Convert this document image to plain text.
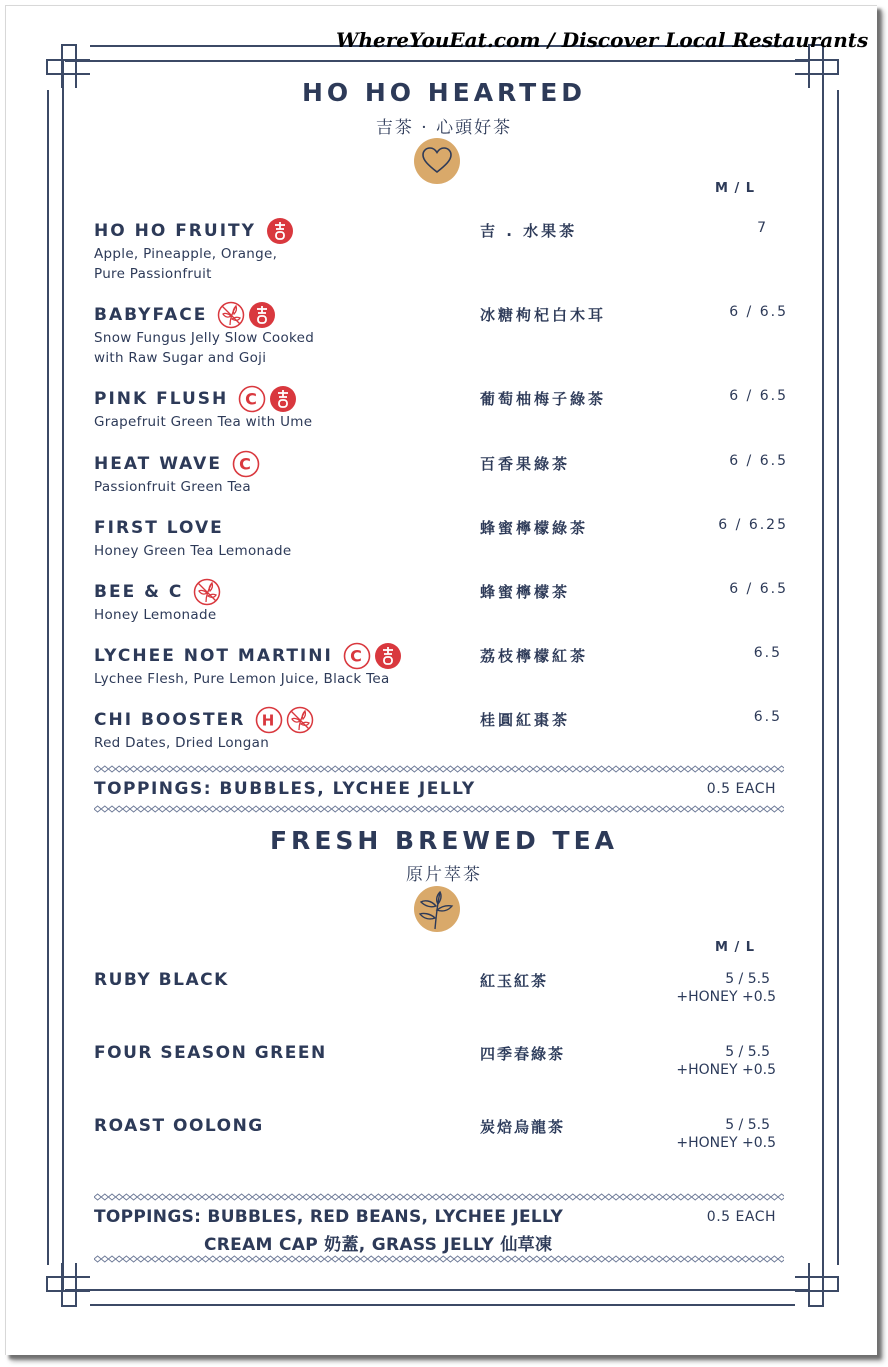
WhereYouEat.com / Discover Local Restaurants
HO HO HEARTED
吉茶 · 心頭好茶
M / L
HO HO FRUITY
Apple, Pineapple, Orange,
Pure Passionfruit
吉 . 水果茶	7
BABYFACE
Snow Fungus Jelly Slow Cooked
with Raw Sugar and Goji
冰糖枸杞白木耳	6 / 6.5
PINK FLUSH C
Grapefruit Green Tea with Ume
葡萄柚梅子綠茶	6 / 6.5
HEAT WAVE C
Passionfruit Green Tea
百香果綠茶	6 / 6.5
FIRST LOVE
Honey Green Tea Lemonade
蜂蜜檸檬綠茶	6 / 6.25
BEE & C
Honey Lemonade
蜂蜜檸檬茶	6 / 6.5
LYCHEE NOT MARTINI C
Lychee Flesh, Pure Lemon Juice, Black Tea
荔枝檸檬紅茶	6.5
CHI BOOSTER H
Red Dates, Dried Longan
桂圓紅棗茶	6.5
TOPPINGS: BUBBLES, LYCHEE JELLY	0.5 EACH
FRESH BREWED TEA
原片萃茶
M / L
RUBY BLACK	紅玉紅茶	5 / 5.5
+HONEY +0.5
FOUR SEASON GREEN	四季春綠茶	5 / 5.5
+HONEY +0.5
ROAST OOLONG	炭焙烏龍茶	5 / 5.5
+HONEY +0.5
TOPPINGS: BUBBLES, RED BEANS, LYCHEE JELLY
CREAM CAP 奶蓋, GRASS JELLY 仙草凍
0.5 EACH
